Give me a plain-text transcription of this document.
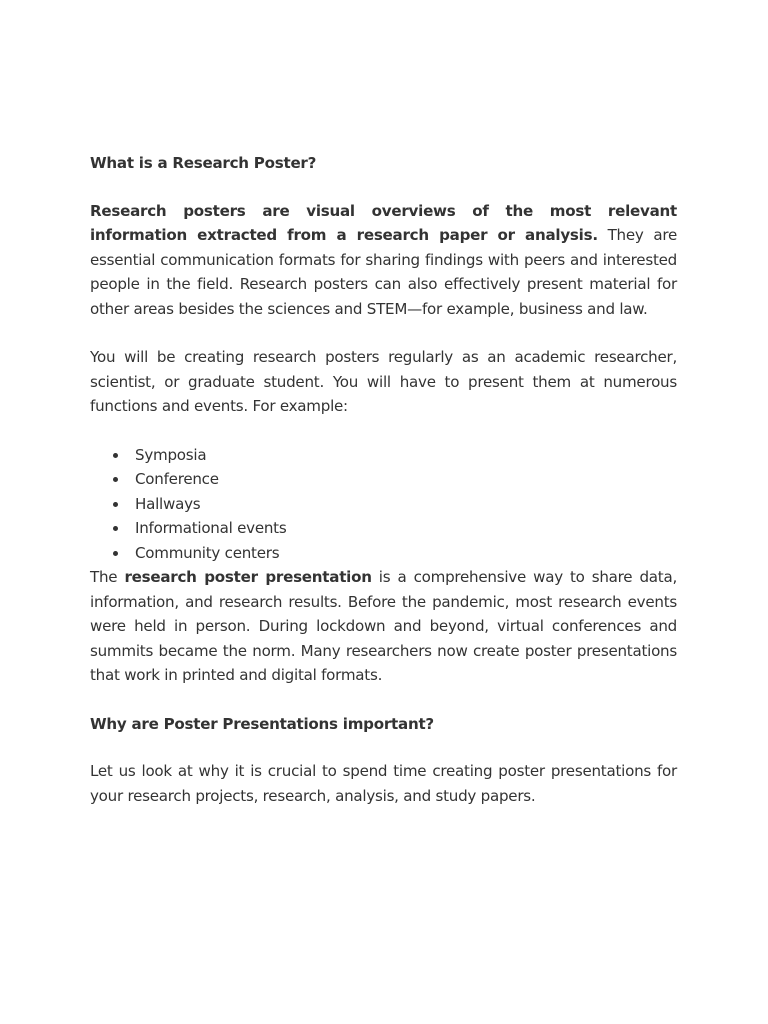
What is a Research Poster?

Research posters are visual overviews of the most relevant information extracted from a research paper or analysis. They are essential communication formats for sharing findings with peers and interested people in the field. Research posters can also effectively present material for other areas besides the sciences and STEM—for example, business and law.

You will be creating research posters regularly as an academic researcher, scientist, or graduate student. You will have to present them at numerous functions and events. For example:

Symposia
Conference
Hallways
Informational events
Community centers

The research poster presentation is a comprehensive way to share data, information, and research results. Before the pandemic, most research events were held in person. During lockdown and beyond, virtual conferences and summits became the norm. Many researchers now create poster presentations that work in printed and digital formats.

Why are Poster Presentations important?

Let us look at why it is crucial to spend time creating poster presentations for your research projects, research, analysis, and study papers.
